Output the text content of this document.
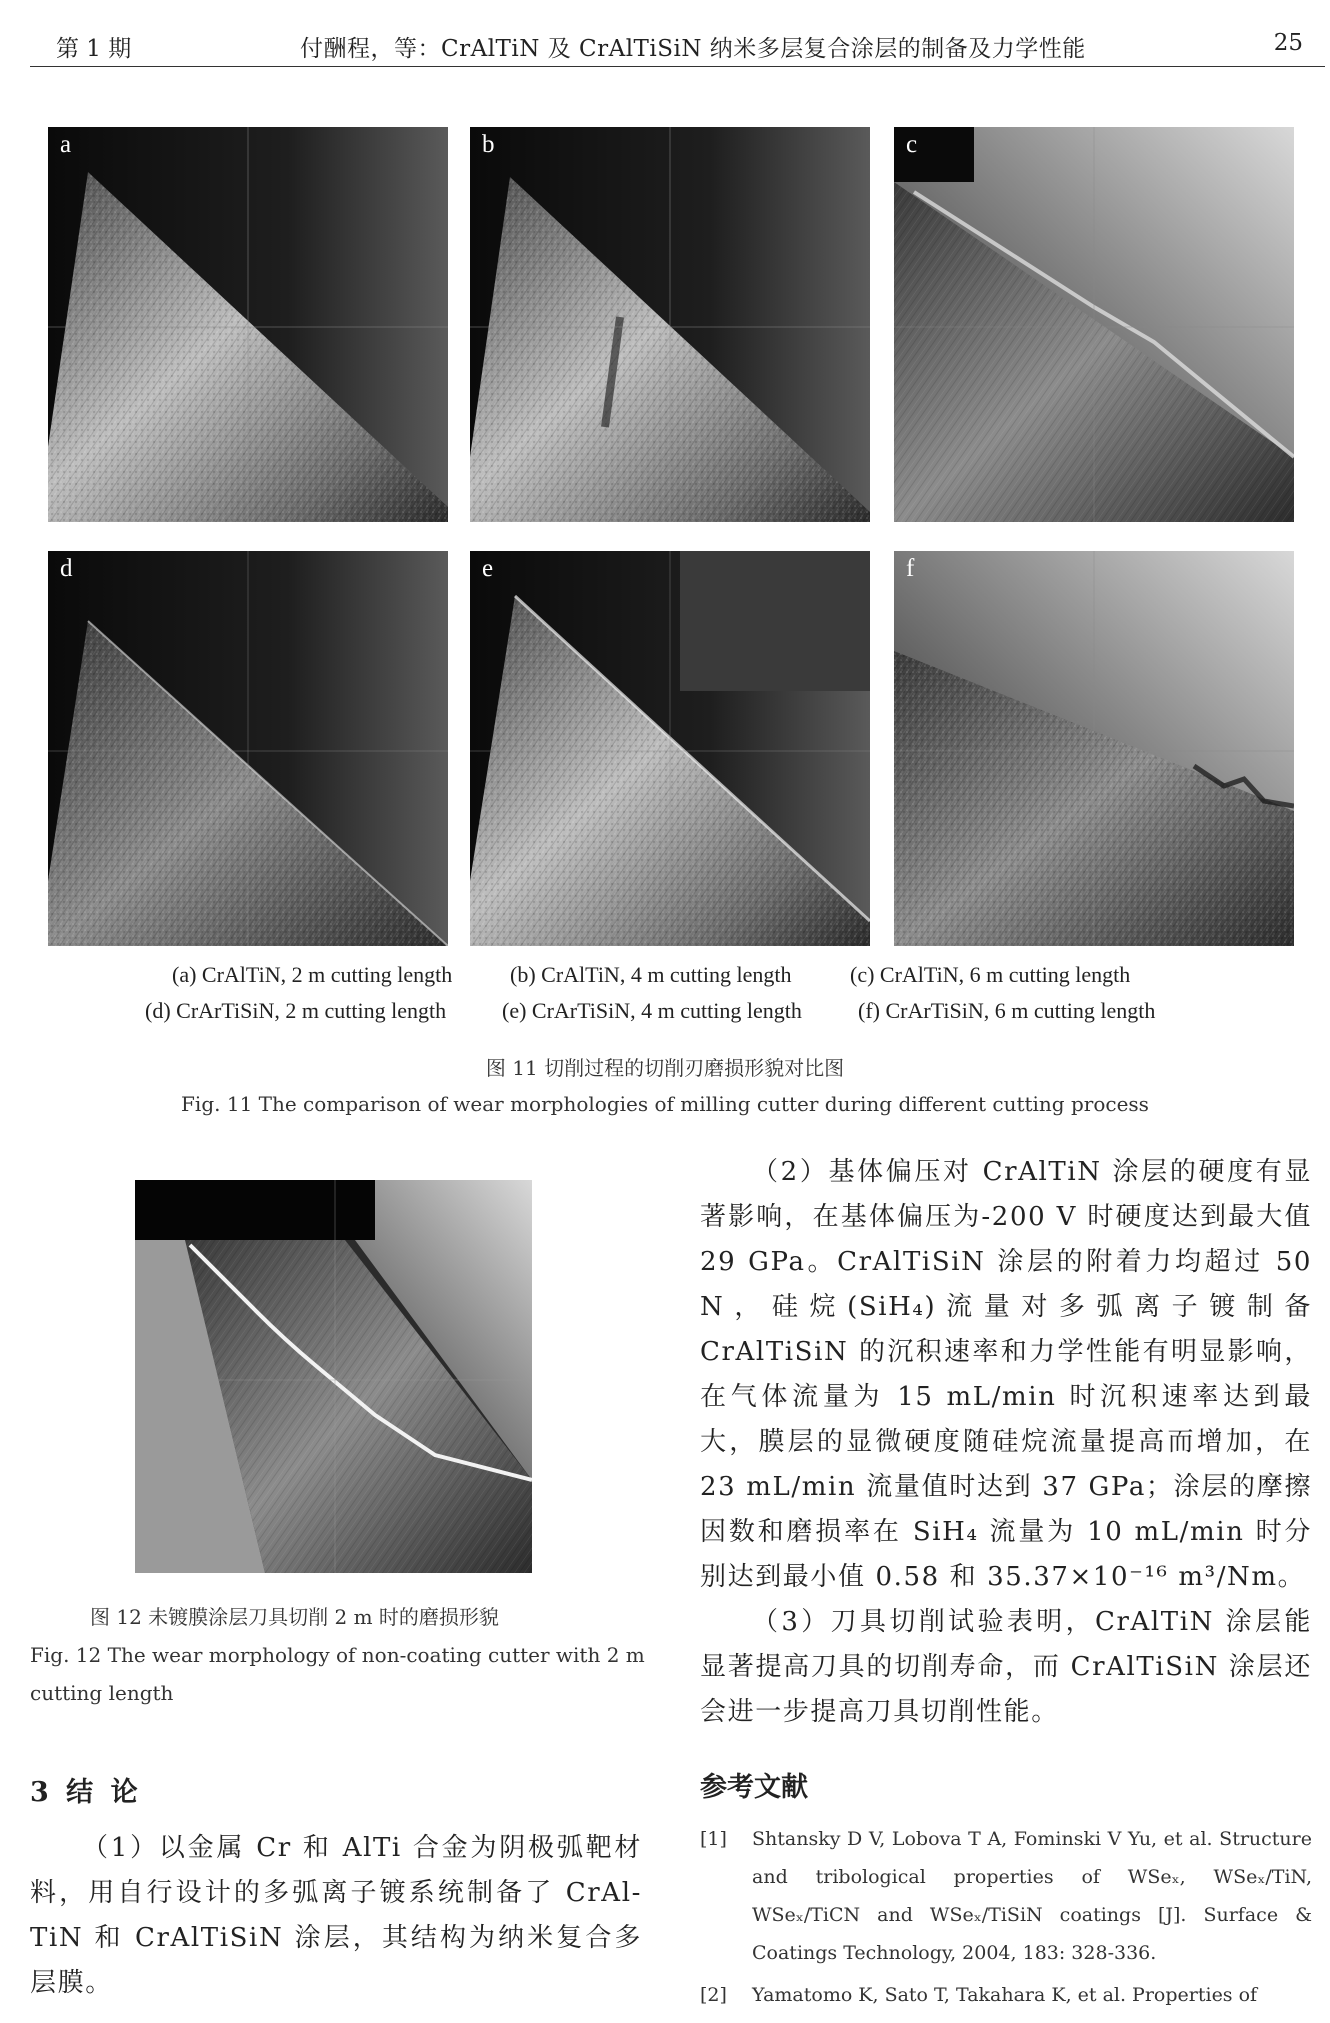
第 1 期	付酬程，等：CrAlTiN 及 CrAlTiSiN 纳米多层复合涂层的制备及力学性能	25
a	b	c
d	e	f
(a) CrAlTiN, 2 m cutting length	(b) CrAlTiN, 4 m cutting length	(c) CrAlTiN, 6 m cutting length
(d) CrArTiSiN, 2 m cutting length	(e) CrArTiSiN, 4 m cutting length	(f) CrArTiSiN, 6 m cutting length
图 11 切削过程的切削刃磨损形貌对比图
Fig. 11 The comparison of wear morphologies of milling cutter during different cutting process
图 12 未镀膜涂层刀具切削 2 m 时的磨损形貌
Fig. 12 The wear morphology of non-coating cutter with 2 m cutting length
3 结 论
（1）以金属 Cr 和 AlTi 合金为阴极弧靶材料，用自行设计的多弧离子镀系统制备了 CrAl-TiN 和 CrAlTiSiN 涂层，其结构为纳米复合多层膜。
（2）基体偏压对 CrAlTiN 涂层的硬度有显著影响，在基体偏压为-200 V 时硬度达到最大值 29 GPa。CrAlTiSiN 涂层的附着力均超过 50 N，硅烷(SiH₄)流量对多弧离子镀制备 CrAlTiSiN 的沉积速率和力学性能有明显影响，在气体流量为 15 mL/min 时沉积速率达到最大，膜层的显微硬度随硅烷流量提高而增加，在 23 mL/min 流量值时达到 37 GPa；涂层的摩擦因数和磨损率在 SiH₄ 流量为 10 mL/min 时分别达到最小值 0.58 和 35.37×10⁻¹⁶ m³/Nm。
（3）刀具切削试验表明，CrAlTiN 涂层能显著提高刀具的切削寿命，而 CrAlTiSiN 涂层还会进一步提高刀具切削性能。
参考文献
[1]	Shtansky D V, Lobova T A, Fominski V Yu, et al. Structure and tribological properties of WSeₓ, WSeₓ/TiN, WSeₓ/TiCN and WSeₓ/TiSiN coatings [J]. Surface & Coatings Technology, 2004, 183: 328-336.
[2]	Yamatomo K, Sato T, Takahara K, et al. Properties of
